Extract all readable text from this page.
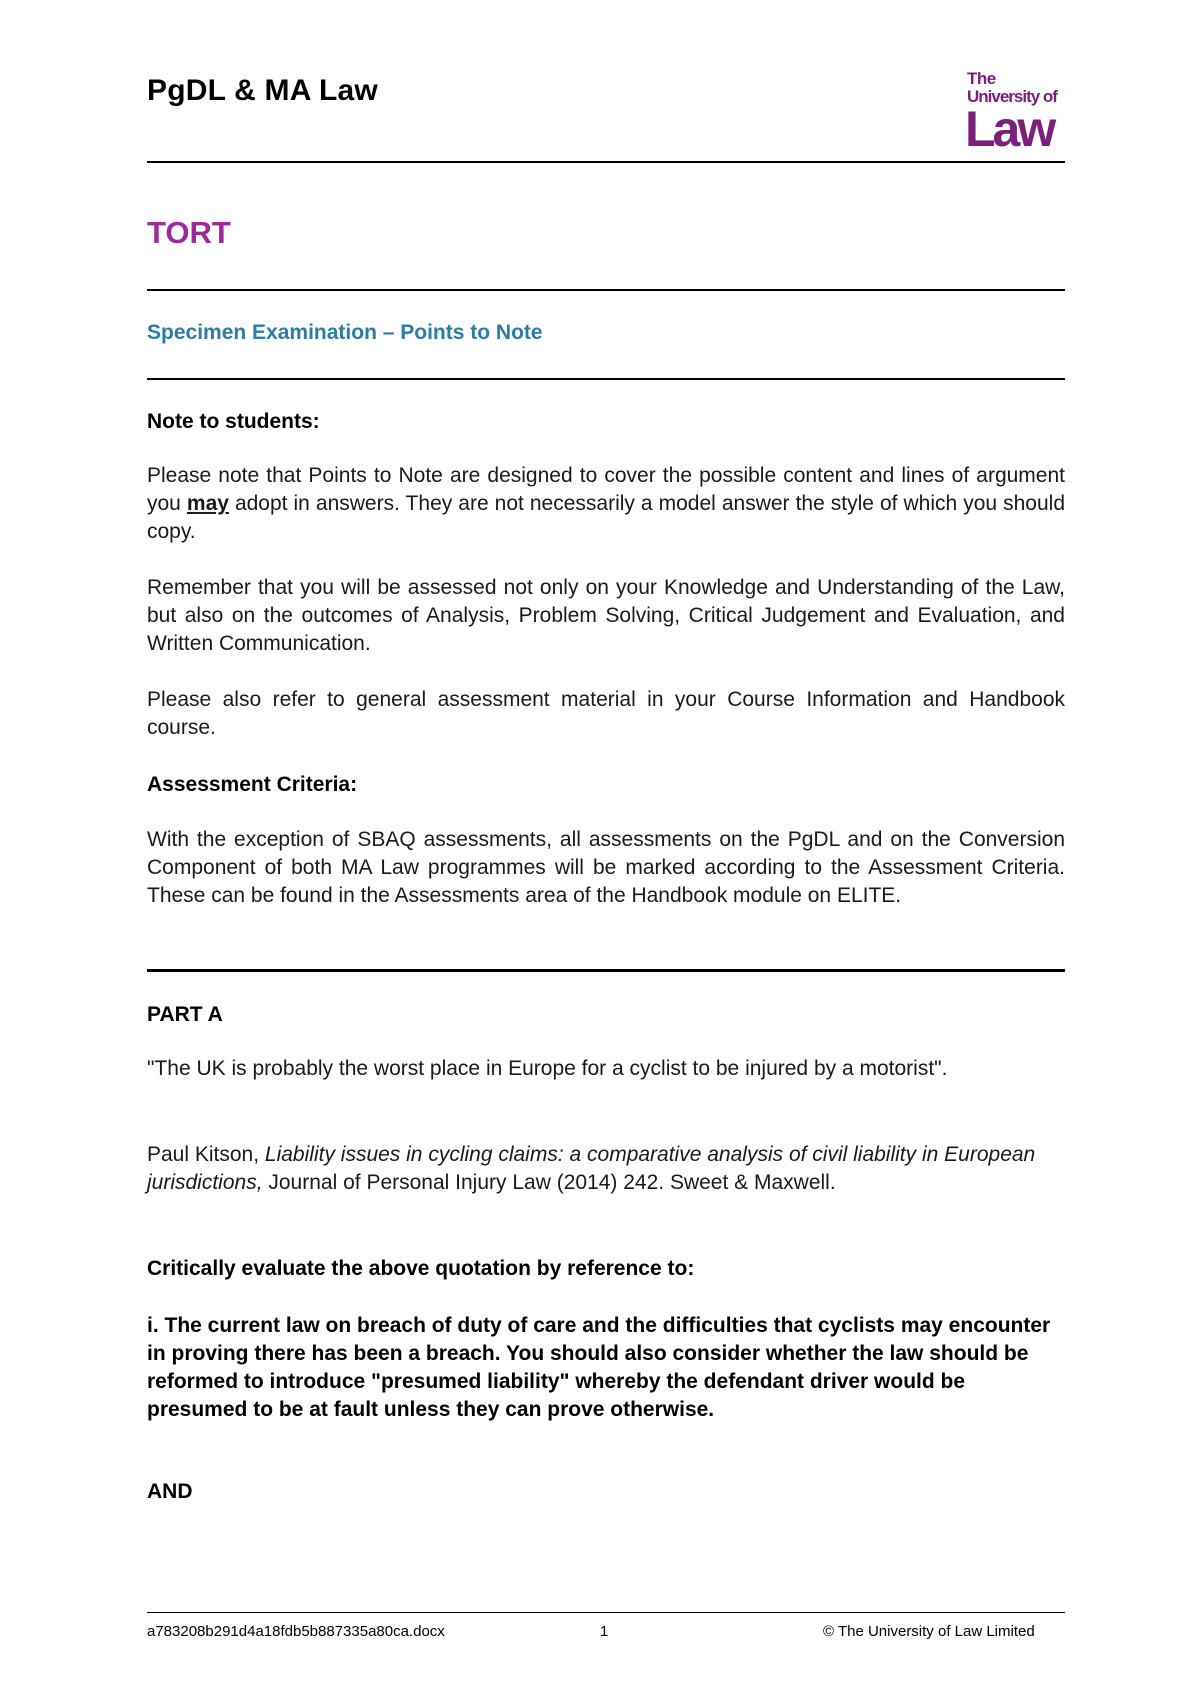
PgDL & MA Law	The
University of
Law
TORT
Specimen Examination – Points to Note
Note to students:
Please note that Points to Note are designed to cover the possible content and lines of argument you may adopt in answers. They are not necessarily a model answer the style of which you should copy.
Remember that you will be assessed not only on your Knowledge and Understanding of the Law, but also on the outcomes of Analysis, Problem Solving, Critical Judgement and Evaluation, and Written Communication.
Please also refer to general assessment material in your Course Information and Handbook course.
Assessment Criteria:
With the exception of SBAQ assessments, all assessments on the PgDL and on the Conversion Component of both MA Law programmes will be marked according to the Assessment Criteria. These can be found in the Assessments area of the Handbook module on ELITE.
PART A
"The UK is probably the worst place in Europe for a cyclist to be injured by a motorist".
Paul Kitson, Liability issues in cycling claims: a comparative analysis of civil liability in European jurisdictions, Journal of Personal Injury Law (2014) 242. Sweet & Maxwell.
Critically evaluate the above quotation by reference to:
i. The current law on breach of duty of care and the difficulties that cyclists may encounter in proving there has been a breach. You should also consider whether the law should be reformed to introduce "presumed liability" whereby the defendant driver would be presumed to be at fault unless they can prove otherwise.
AND
a783208b291d4a18fdb5b887335a80ca.docx	1	© The University of Law Limited
